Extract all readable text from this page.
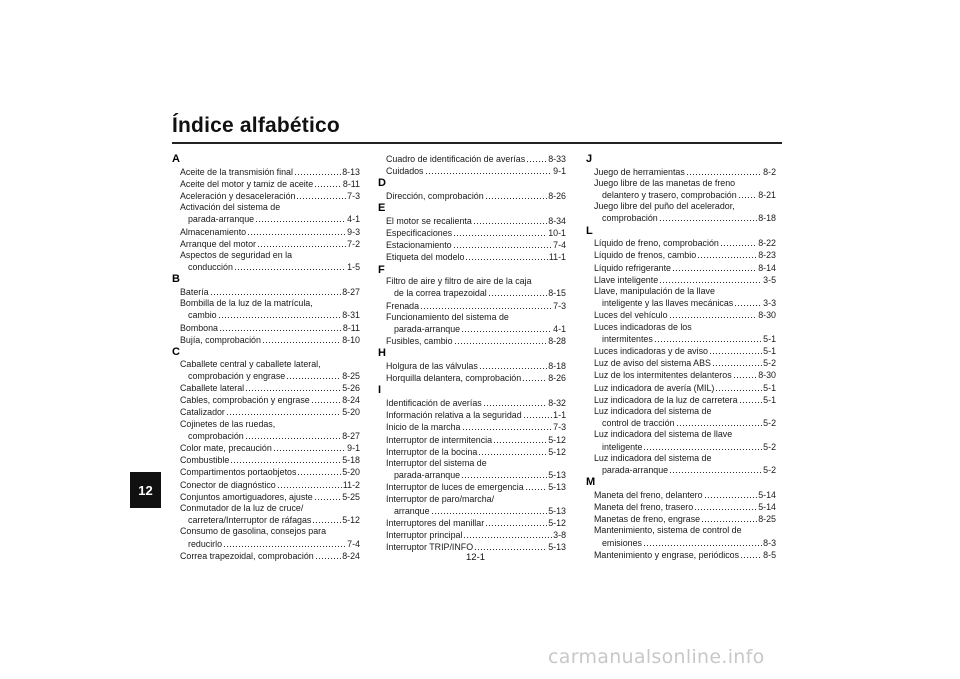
Índice alfabético
12
A
Aceite de la transmisión final	8-13
Aceite del motor y tamiz de aceite	8-11
Aceleración y desaceleración	7-3
Activación del sistema de
parada-arranque	4-1
Almacenamiento	9-3
Arranque del motor	7-2
Aspectos de seguridad en la
conducción	1-5
B
Batería	8-27
Bombilla de la luz de la matrícula,
cambio	8-31
Bombona	8-11
Bujía, comprobación	8-10
C
Caballete central y caballete lateral,
comprobación y engrase	8-25
Caballete lateral	5-26
Cables, comprobación y engrase	8-24
Catalizador	5-20
Cojinetes de las ruedas,
comprobación	8-27
Color mate, precaución	9-1
Combustible	5-18
Compartimentos portaobjetos	5-20
Conector de diagnóstico	11-2
Conjuntos amortiguadores, ajuste	5-25
Conmutador de la luz de cruce/
carretera/Interruptor de ráfagas	5-12
Consumo de gasolina, consejos para
reducirlo	7-4
Correa trapezoidal, comprobación	8-24
Cuadro de identificación de averías	8-33
Cuidados	9-1
D
Dirección, comprobación	8-26
E
El motor se recalienta	8-34
Especificaciones	10-1
Estacionamiento	7-4
Etiqueta del modelo	11-1
F
Filtro de aire y filtro de aire de la caja
de la correa trapezoidal	8-15
Frenada	7-3
Funcionamiento del sistema de
parada-arranque	4-1
Fusibles, cambio	8-28
H
Holgura de las válvulas	8-18
Horquilla delantera, comprobación	8-26
I
Identificación de averías	8-32
Información relativa a la seguridad	1-1
Inicio de la marcha	7-3
Interruptor de intermitencia	5-12
Interruptor de la bocina	5-12
Interruptor del sistema de
parada-arranque	5-13
Interruptor de luces de emergencia	5-13
Interruptor de paro/marcha/
arranque	5-13
Interruptores del manillar	5-12
Interruptor principal	3-8
Interruptor TRIP/INFO	5-13
J
Juego de herramientas	8-2
Juego libre de las manetas de freno
delantero y trasero, comprobación 8-21
Juego libre del puño del acelerador,
comprobación	8-18
L
Líquido de freno, comprobación	8-22
Líquido de frenos, cambio	8-23
Líquido refrigerante	8-14
Llave inteligente	3-5
Llave, manipulación de la llave
inteligente y las llaves mecánicas	3-3
Luces del vehículo	8-30
Luces indicadoras de los
intermitentes	5-1
Luces indicadoras y de aviso	5-1
Luz de aviso del sistema ABS	5-2
Luz de los intermitentes delanteros	8-30
Luz indicadora de avería (MIL)	5-1
Luz indicadora de la luz de carretera	5-1
Luz indicadora del sistema de
control de tracción	5-2
Luz indicadora del sistema de llave
inteligente	5-2
Luz indicadora del sistema de
parada-arranque	5-2
M
Maneta del freno, delantero	5-14
Maneta del freno, trasero	5-14
Manetas de freno, engrase	8-25
Mantenimiento, sistema de control de
emisiones	8-3
Mantenimiento y engrase, periódicos	8-5
12-1
carmanualsonline.info
